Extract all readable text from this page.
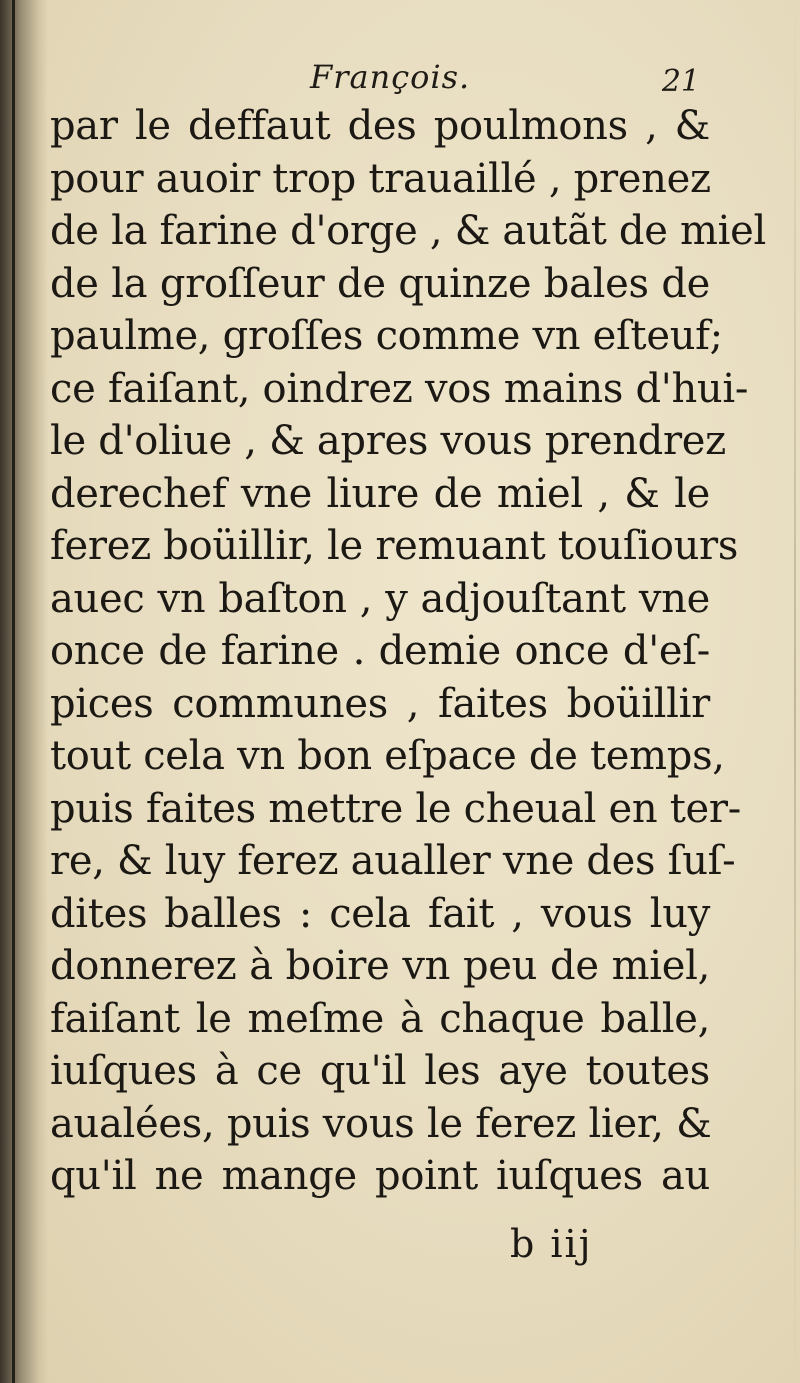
François.	21
par le deffaut des poulmons , &
pour auoir trop trauaillé , prenez
de la farine d'orge , & autãt de miel
de la groſſeur de quinze bales de
paulme, groſſes comme vn eſteuf;
ce faiſant, oindrez vos mains d'hui-
le d'oliue , & apres vous prendrez
derechef vne liure de miel , & le
ferez boüillir, le remuant touſiours
auec vn baſton , y adjouſtant vne
once de farine . demie once d'eſ-
pices communes , faites boüillir
tout cela vn bon eſpace de temps,
puis faites mettre le cheual en ter-
re, & luy ferez aualler vne des ſuſ-
dites balles : cela fait , vous luy
donnerez à boire vn peu de miel,
faiſant le meſme à chaque balle,
iuſques à ce qu'il les aye toutes
aualées, puis vous le ferez lier, &
qu'il ne mange point iuſques au
b iij
